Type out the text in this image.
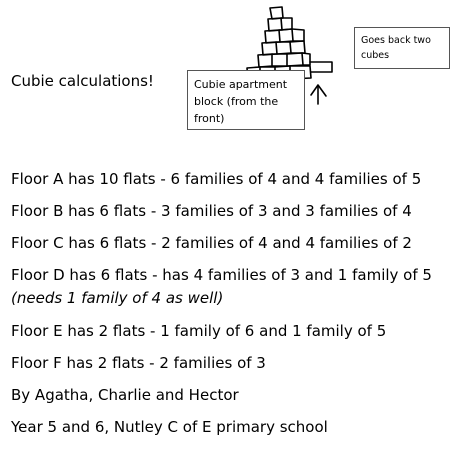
Cubie calculations!	Cubie apartment
block (from the
front)
Goes back two
cubes
Floor A has 10 flats - 6 families of 4 and 4 families of 5
Floor B has 6 flats - 3 families of 3 and 3 families of 4
Floor C has 6 flats - 2 families of 4 and 4 families of 2
Floor D has 6 flats - has 4 families of 3 and 1 family of 5
(needs 1 family of 4 as well)
Floor E has 2 flats - 1 family of 6 and 1 family of 5
Floor F has 2 flats - 2 families of 3
By Agatha, Charlie and Hector
Year 5 and 6, Nutley C of E primary school
